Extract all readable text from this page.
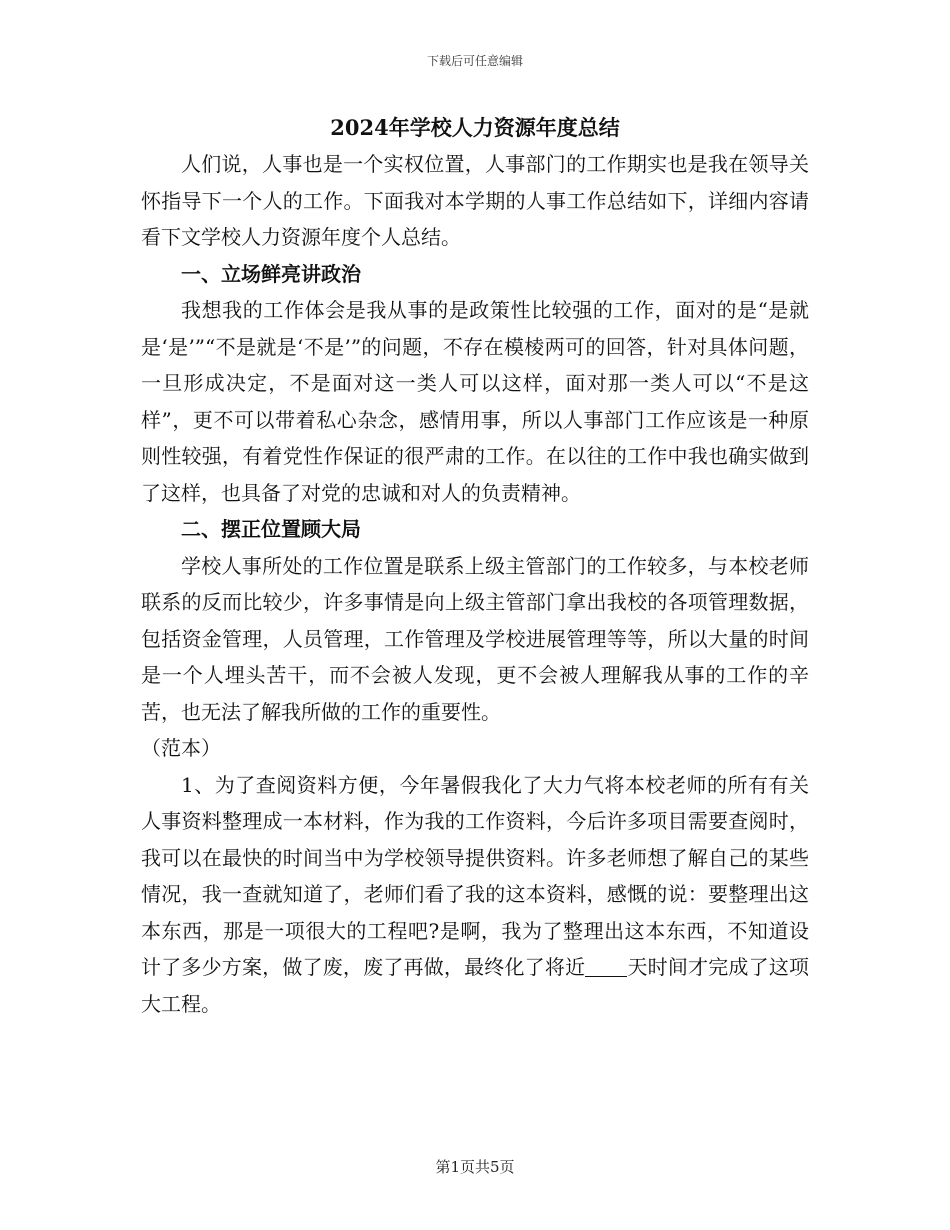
下载后可任意编辑
2024年学校人力资源年度总结

人们说，人事也是一个实权位置，人事部门的工作期实也是我在领导关怀指导下一个人的工作。下面我对本学期的人事工作总结如下，详细内容请看下文学校人力资源年度个人总结。

一、立场鲜亮讲政治

我想我的工作体会是我从事的是政策性比较强的工作，面对的是“是就是‘是’”“不是就是‘不是’”的问题，不存在模棱两可的回答，针对具体问题，一旦形成决定，不是面对这一类人可以这样，面对那一类人可以“不是这样”，更不可以带着私心杂念，感情用事，所以人事部门工作应该是一种原则性较强，有着党性作保证的很严肃的工作。在以往的工作中我也确实做到了这样，也具备了对党的忠诚和对人的负责精神。

二、摆正位置顾大局

学校人事所处的工作位置是联系上级主管部门的工作较多，与本校老师联系的反而比较少，许多事情是向上级主管部门拿出我校的各项管理数据，包括资金管理，人员管理，工作管理及学校进展管理等等，所以大量的时间是一个人埋头苦干，而不会被人发现，更不会被人理解我从事的工作的辛苦，也无法了解我所做的工作的重要性。

（范本）

1、为了查阅资料方便，今年暑假我化了大力气将本校老师的所有有关人事资料整理成一本材料，作为我的工作资料，今后许多项目需要查阅时，我可以在最快的时间当中为学校领导提供资料。许多老师想了解自己的某些情况，我一查就知道了，老师们看了我的这本资料，感慨的说：要整理出这本东西，那是一项很大的工程吧?是啊，我为了整理出这本东西，不知道设计了多少方案，做了废，废了再做，最终化了将近 天时间才完成了这项大工程。

第1页共5页
